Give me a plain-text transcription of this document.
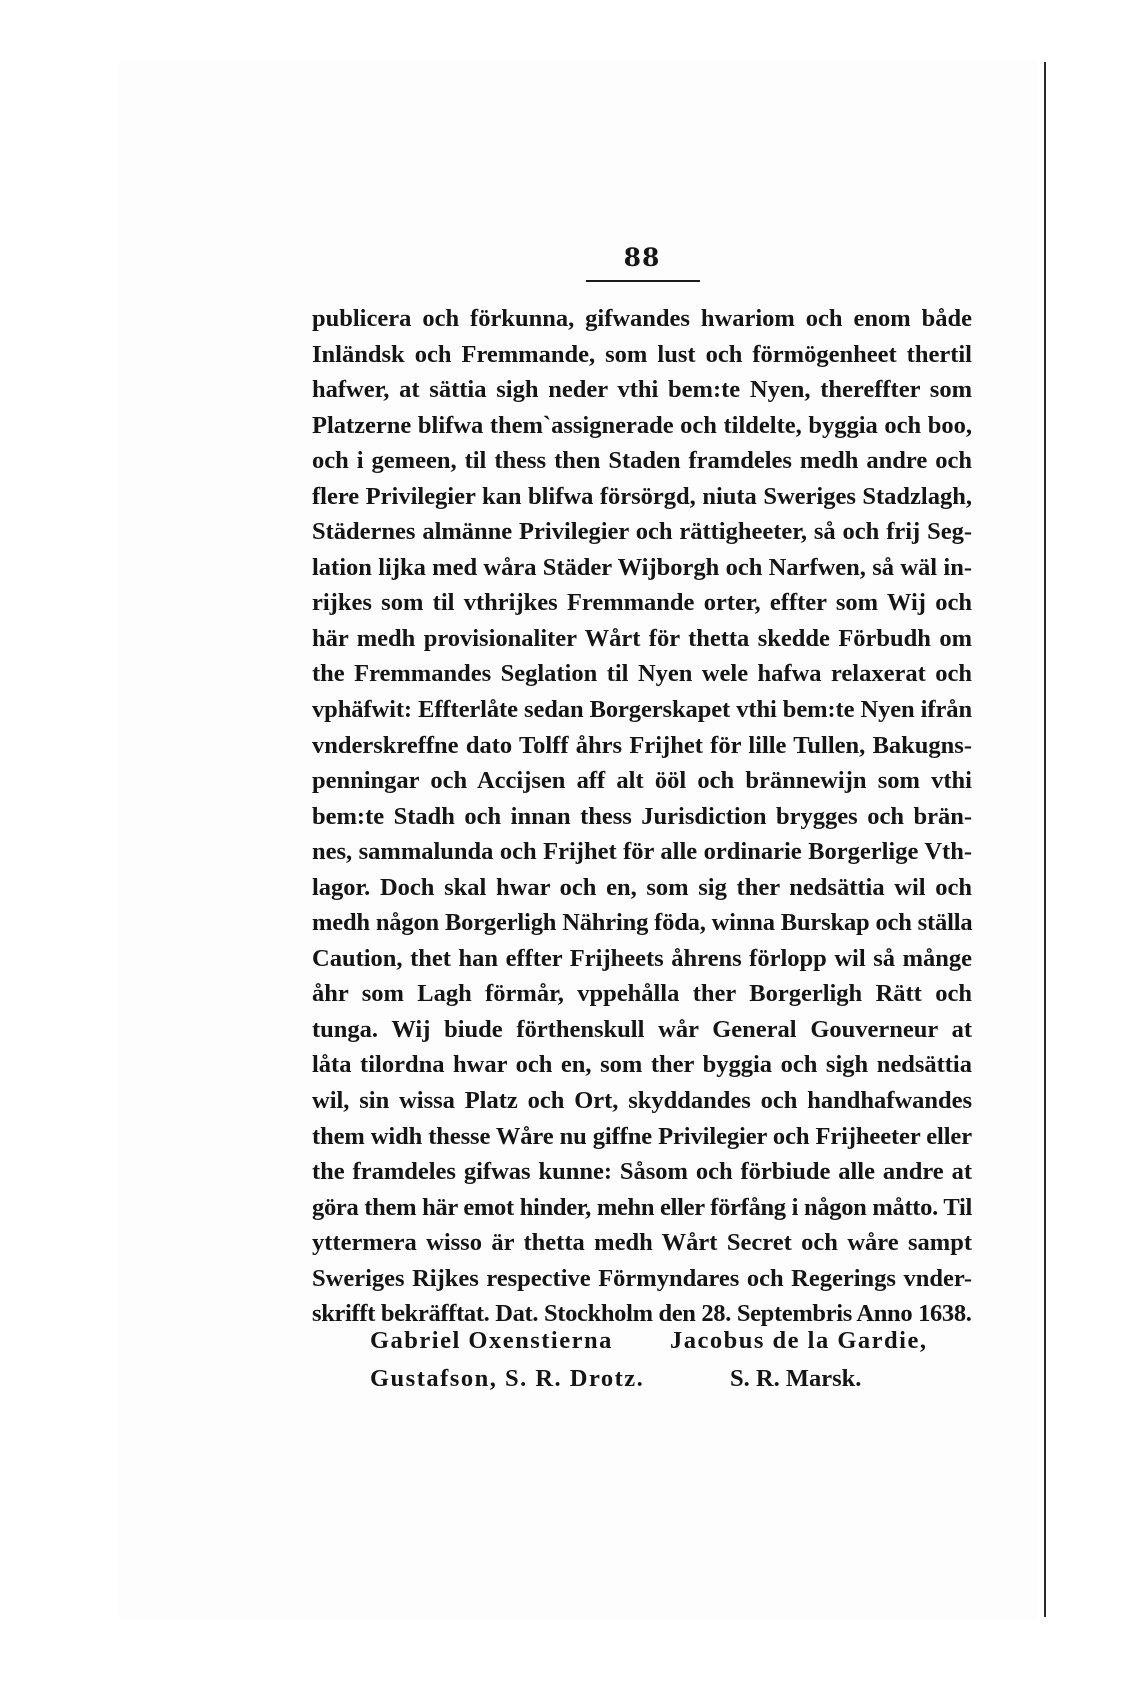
88
publicera och förkunna, gifwandes hwariom och enom både
Inländsk och Fremmande, som lust och förmögenheet thertil
hafwer, at sättia sigh neder vthi bem:te Nyen, thereffter som
Platzerne blifwa them`assignerade och tildelte, byggia och boo,
och i gemeen, til thess then Staden framdeles medh andre och
flere Privilegier kan blifwa försörgd, niuta Sweriges Stadzlagh,
Städernes almänne Privilegier och rättigheeter, så och frij Seg-
lation lijka med wåra Städer Wijborgh och Narfwen, så wäl in-
rijkes som til vthrijkes Fremmande orter, effter som Wij och
här medh provisionaliter Wårt för thetta skedde Förbudh om
the Fremmandes Seglation til Nyen wele hafwa relaxerat och
vphäfwit: Effterlåte sedan Borgerskapet vthi bem:te Nyen ifrån
vnderskreffne dato Tolff åhrs Frijhet för lille Tullen, Bakugns-
penningar och Accijsen aff alt ööl och brännewijn som vthi
bem:te Stadh och innan thess Jurisdiction brygges och brän-
nes, sammalunda och Frijhet för alle ordinarie Borgerlige Vth-
lagor. Doch skal hwar och en, som sig ther nedsättia wil och
medh någon Borgerligh Nähring föda, winna Burskap och ställa
Caution, thet han effter Frijheets åhrens förlopp wil så månge
åhr som Lagh förmår, vppehålla ther Borgerligh Rätt och
tunga. Wij biude förthenskull wår General Gouverneur at
låta tilordna hwar och en, som ther byggia och sigh nedsättia
wil, sin wissa Platz och Ort, skyddandes och handhafwandes
them widh thesse Wåre nu giffne Privilegier och Frijheeter eller
the framdeles gifwas kunne: Såsom och förbiude alle andre at
göra them här emot hinder, mehn eller förfång i någon måtto. Til
yttermera wisso är thetta medh Wårt Secret och wåre sampt
Sweriges Rijkes respective Förmyndares och Regerings vnder-
skrifft bekräfftat. Dat. Stockholm den 28. Septembris Anno 1638.
Gabriel Oxenstierna Jacobus de la Gardie,
Gustafson, S. R. Drotz.	S. R. Marsk.
